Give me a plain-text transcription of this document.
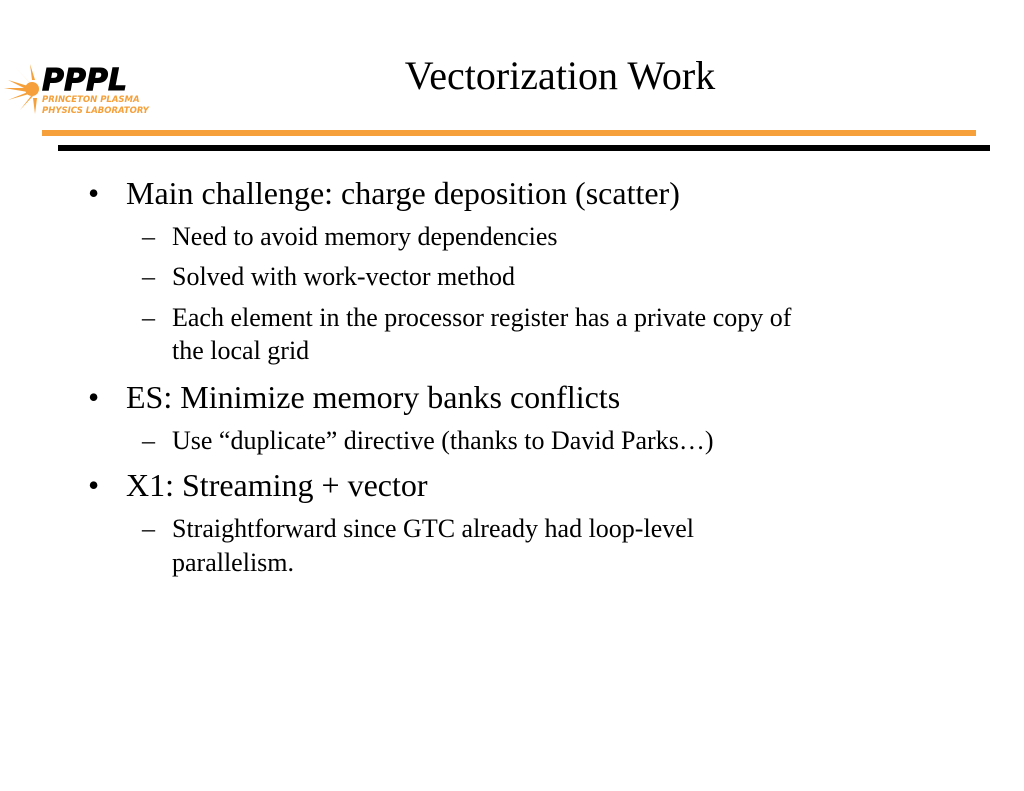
PPPL
PRINCETON PLASMA
PHYSICS LABORATORY
Vectorization Work

• Main challenge: charge deposition (scatter)

– Need to avoid memory dependencies

– Solved with work-vector method

– Each element in the processor register has a private copy of

the local grid

• ES: Minimize memory banks conflicts

– Use “duplicate” directive (thanks to David Parks…)

• X1: Streaming + vector

– Straightforward since GTC already had loop-level

parallelism.
